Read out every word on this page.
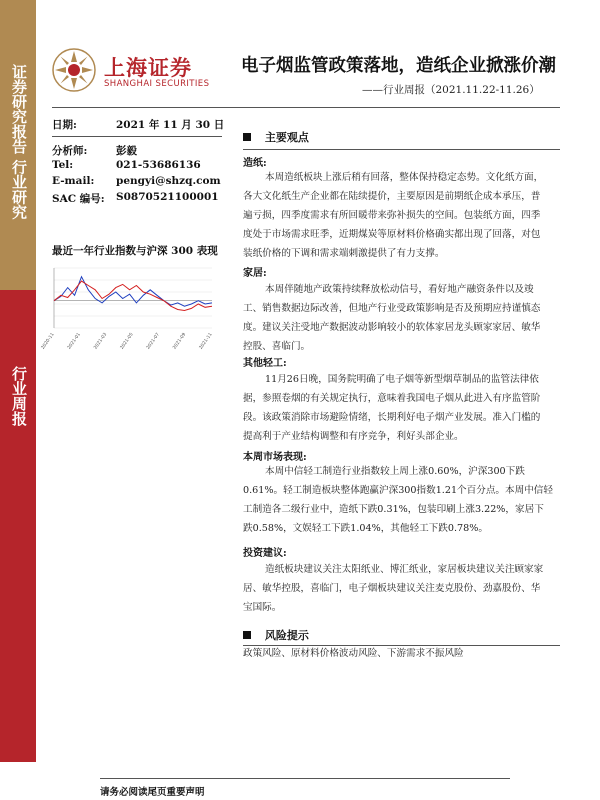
证券研究报告 行业研究
行业周报
上海证券
SHANGHAI SECURITIES
电子烟监管政策落地，造纸企业掀涨价潮
——行业周报（2021.11.22-11.26）
日期:	2021 年 11 月 30 日
分析师:	彭毅
Tel:	021-53686136
E-mail: pengyi@shzq.com
SAC 编号: S0870521100001
最近一年行业指数与沪深 300 表现
2020-11	2021-01	2021-03	2021-05	2021-07	2021-09	2021-11
主要观点
造纸:
本周造纸板块上涨后稍有回落，整体保持稳定态势。文化纸方面，
各大文化纸生产企业都在陆续提价，主要原因是前期纸企成本承压，普
遍亏损，四季度需求有所回暖带来弥补损失的空间。包装纸方面，四季
度处于市场需求旺季，近期煤炭等原材料价格确实都出现了回落，对包
装纸价格的下调和需求端刺激提供了有力支撑。
家居:
本周伴随地产政策持续释放松动信号，看好地产融资条件以及竣
工、销售数据边际改善，但地产行业受政策影响是否及预期应持谨慎态
度。建议关注受地产数据波动影响较小的软体家居龙头顾家家居、敏华
控股、喜临门。
其他轻工:
11月26日晚，国务院明确了电子烟等新型烟草制品的监管法律依
据，参照卷烟的有关规定执行，意味着我国电子烟从此进入有序监管阶
段。该政策消除市场避险情绪，长期利好电子烟产业发展。准入门槛的
提高利于产业结构调整和有序竞争，利好头部企业。
本周市场表现:
本周中信轻工制造行业指数较上周上涨0.60%，沪深300下跌
0.61%。轻工制造板块整体跑赢沪深300指数1.21个百分点。本周中信轻
工制造各二级行业中，造纸下跌0.31%，包装印刷上涨3.22%，家居下
跌0.58%，文娱轻工下跌1.04%，其他轻工下跌0.78%。
投资建议:
造纸板块建议关注太阳纸业、博汇纸业，家居板块建议关注顾家家
居、敏华控股，喜临门，电子烟板块建议关注麦克股份、劲嘉股份、华
宝国际。
风险提示
政策风险、原材料价格波动风险、下游需求不振风险
请务必阅读尾页重要声明
